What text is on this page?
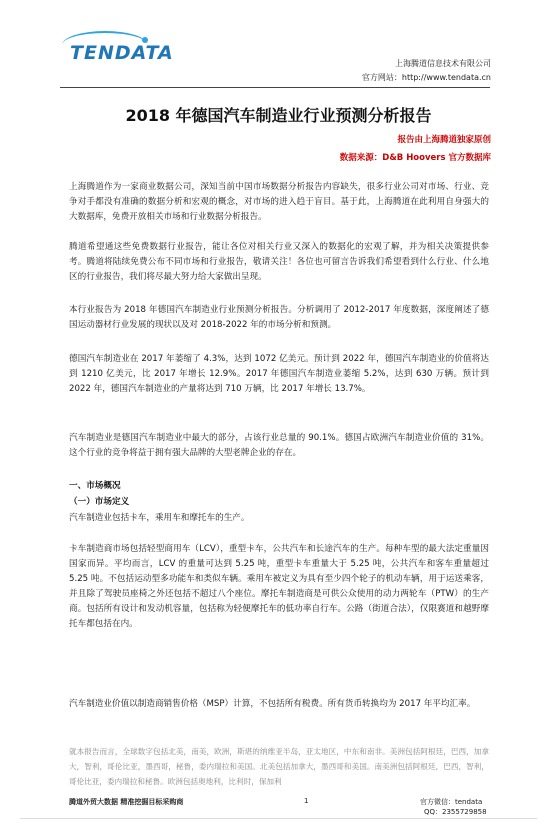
TENDATA	上海腾道信息技术有限公司
官方网站：http://www.tendata.cn
2018 年德国汽车制造业行业预测分析报告
报告由上海腾道独家原创
数据来源：D&B Hoovers 官方数据库

上海腾道作为一家商业数据公司，深知当前中国市场数据分析报告内容缺失，很多行业公司对市场、行业、竞争对手都没有准确的数据分析和宏观的概念，对市场的进入趋于盲目。基于此，上海腾道在此利用自身强大的大数据库，免费开放相关市场和行业数据分析报告。

腾道希望通这些免费数据行业报告，能让各位对相关行业又深入的数据化的宏观了解，并为相关决策提供参考。腾道将陆续免费公布不同市场和行业报告，敬请关注！各位也可留言告诉我们希望看到什么行业、什么地区的行业报告，我们将尽最大努力给大家做出呈现。

本行业报告为 2018 年德国汽车制造业行业预测分析报告。分析调用了 2012-2017 年度数据，深度阐述了德国运动器材行业发展的现状以及对 2018-2022 年的市场分析和预测。

德国汽车制造业在 2017 年萎缩了 4.3%，达到 1072 亿美元。预计到 2022 年，德国汽车制造业的价值将达到 1210 亿美元，比 2017 年增长 12.9%。2017 年德国汽车制造业萎缩 5.2%，达到 630 万辆。预计到 2022 年，德国汽车制造业的产量将达到 710 万辆，比 2017 年增长 13.7%。

汽车制造业是德国汽车制造业中最大的部分，占该行业总量的 90.1%。德国占欧洲汽车制造业价值的 31%。这个行业的竞争将益于拥有强大品牌的大型老牌企业的存在。

一、市场概况
（一）市场定义

汽车制造业包括卡车，乘用车和摩托车的生产。

卡车制造商市场包括轻型商用车（LCV），重型卡车，公共汽车和长途汽车的生产。每种车型的最大法定重量因国家而异。平均而言，LCV 的重量可达到 5.25 吨，重型卡车重量大于 5.25 吨，公共汽车和客车重量超过 5.25 吨。不包括运动型多功能车和类似车辆。乘用车被定义为具有至少四个轮子的机动车辆，用于运送乘客，并且除了驾驶员座椅之外还包括不超过八个座位。摩托车制造商是可供公众使用的动力两轮车（PTW）的生产商。包括所有设计和发动机容量，包括称为轻便摩托车的低功率自行车。公路（街道合法），仅限赛道和越野摩托车都包括在内。

汽车制造业价值以制造商销售价格（MSP）计算，不包括所有税费。所有货币转换均为 2017 年平均汇率。

就本报告而言，全球数字包括北美，南美，欧洲，斯堪的纳维亚半岛，亚太地区，中东和南非。美洲包括阿根廷，巴西，加拿大，智利，哥伦比亚，墨西哥，秘鲁，委内瑞拉和美国。北美包括加拿大，墨西哥和美国。南美洲包括阿根廷，巴西，智利，哥伦比亚，委内瑞拉和秘鲁。欧洲包括奥地利，比利时，保加利

腾道外贸大数据 精准挖掘目标采购商	1	官方微信：tendata
QQ：2355729858
